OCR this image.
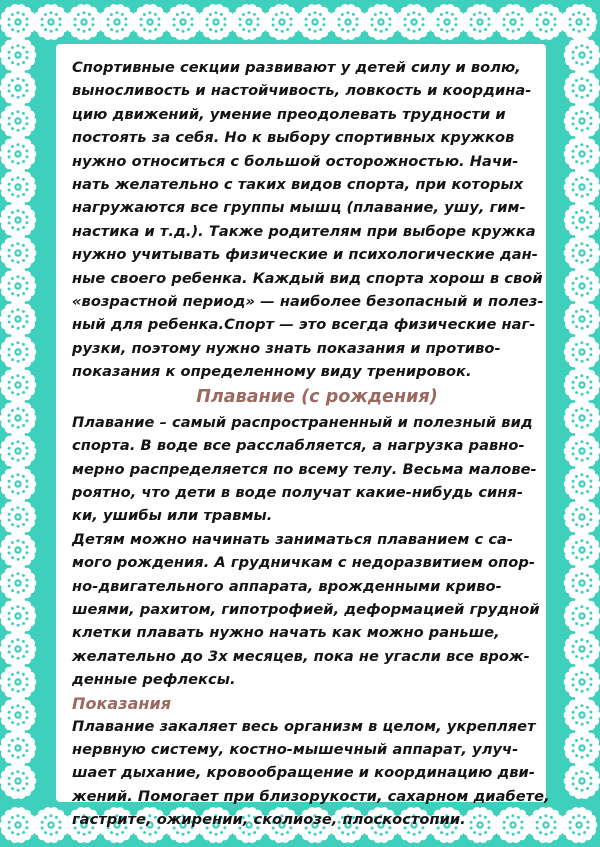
Спортивные секции развивают у детей силу и волю,
выносливость и настойчивость, ловкость и координа-
цию движений, умение преодолевать трудности и
постоять за себя. Но к выбору спортивных кружков
нужно относиться с большой осторожностью. Начи-
нать желательно с таких видов спорта, при которых
нагружаются все группы мышц (плавание, ушу, гим-
настика и т.д.). Также родителям при выборе кружка
нужно учитывать физические и психологические дан-
ные своего ребенка. Каждый вид спорта хорош в свой
«возрастной период» — наиболее безопасный и полез-
ный для ребенка.Спорт — это всегда физические наг-
рузки, поэтому нужно знать показания и противо-
показания к определенному виду тренировок.

Плавание (с рождения)

Плавание – самый распространенный и полезный вид
спорта. В воде все расслабляется, а нагрузка равно-
мерно распределяется по всему телу. Весьма малове-
роятно, что дети в воде получат какие-нибудь синя-
ки, ушибы или травмы.

Детям можно начинать заниматься плаванием с са-
мого рождения. А грудничкам с недоразвитием опор-
но-двигательного аппарата, врожденными криво-
шеями, рахитом, гипотрофией, деформацией грудной
клетки плавать нужно начать как можно раньше,
желательно до 3х месяцев, пока не угасли все врож-
денные рефлексы.

Показания

Плавание закаляет весь организм в целом, укрепляет
нервную систему, костно-мышечный аппарат, улуч-
шает дыхание, кровообращение и координацию дви-
жений. Помогает при близорукости, сахарном диабете,
гастрите, ожирении, сколиозе, плоскостопии.
